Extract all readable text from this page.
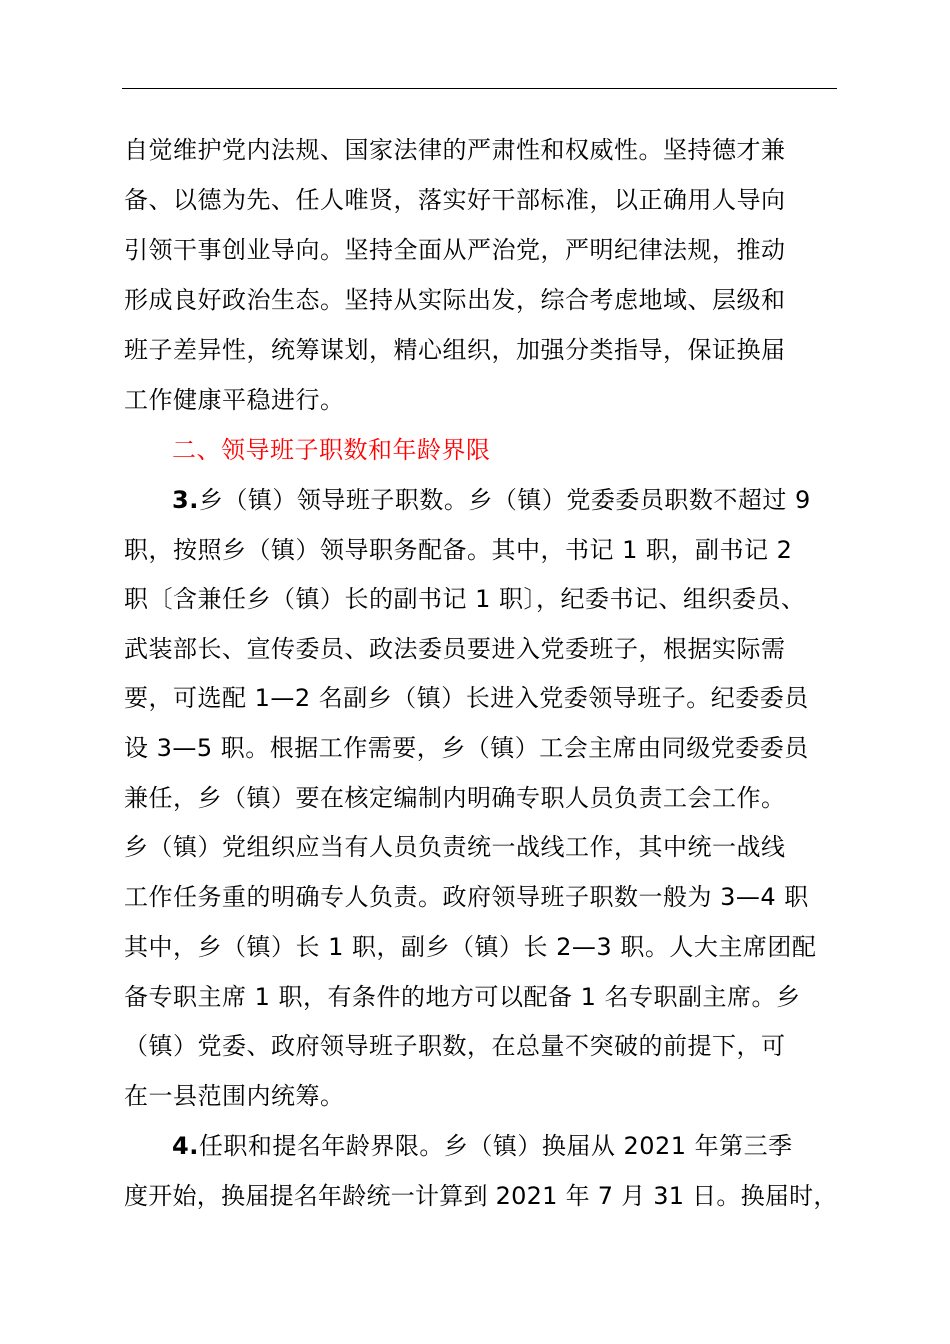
自觉维护党内法规、国家法律的严肃性和权威性。坚持德才兼
备、以德为先、任人唯贤，落实好干部标准，以正确用人导向
引领干事创业导向。坚持全面从严治党，严明纪律法规，推动
形成良好政治生态。坚持从实际出发，综合考虑地域、层级和
班子差异性，统筹谋划，精心组织，加强分类指导，保证换届
工作健康平稳进行。
二、领导班子职数和年龄界限
3.乡（镇）领导班子职数。乡（镇）党委委员职数不超过 9
职，按照乡（镇）领导职务配备。其中，书记 1 职，副书记 2
职〔含兼任乡（镇）长的副书记 1 职〕，纪委书记、组织委员、
武装部长、宣传委员、政法委员要进入党委班子，根据实际需
要，可选配 1—2 名副乡（镇）长进入党委领导班子。纪委委员
设 3—5 职。根据工作需要，乡（镇）工会主席由同级党委委员
兼任，乡（镇）要在核定编制内明确专职人员负责工会工作。
乡（镇）党组织应当有人员负责统一战线工作，其中统一战线
工作任务重的明确专人负责。政府领导班子职数一般为 3—4 职
其中，乡（镇）长 1 职，副乡（镇）长 2—3 职。人大主席团配
备专职主席 1 职，有条件的地方可以配备 1 名专职副主席。乡
（镇）党委、政府领导班子职数，在总量不突破的前提下，可
在一县范围内统筹。
4.任职和提名年龄界限。乡（镇）换届从 2021 年第三季
度开始，换届提名年龄统一计算到 2021 年 7 月 31 日。换届时，
